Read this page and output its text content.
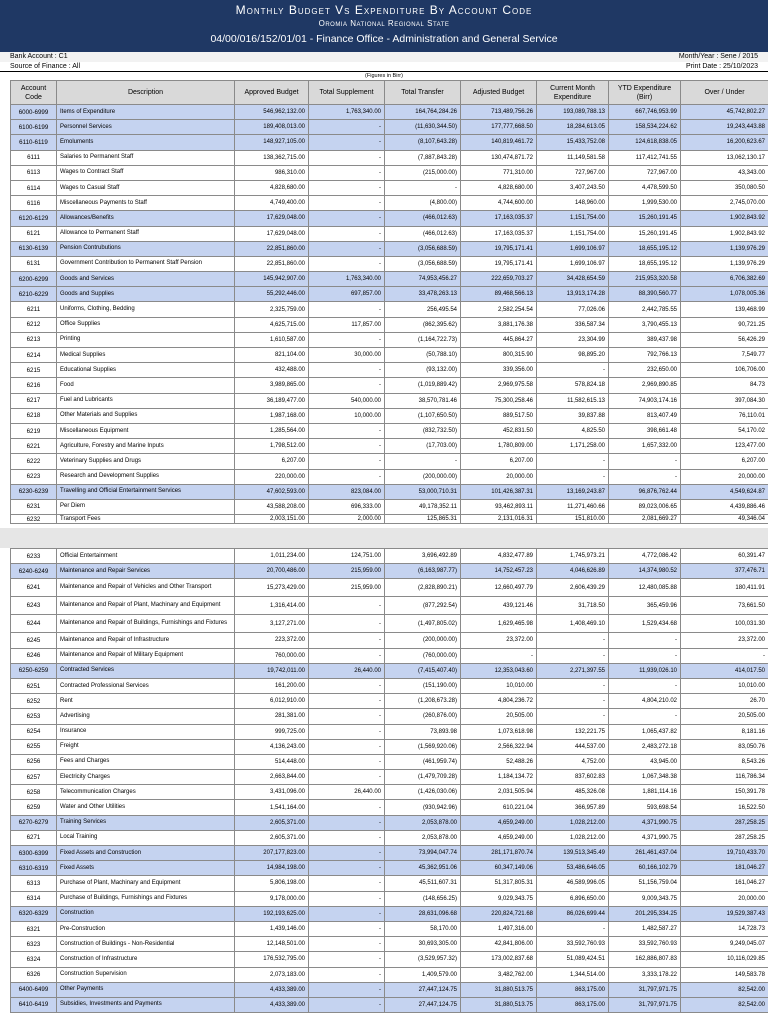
Monthly Budget Vs Expenditure By Account Code
Oromia National Regional State
04/00/016/152/01/01 - Finance Office - Administration and General Service
Bank Account : C1	Month/Year : Sene / 2015
Source of Finance : All	Print Date : 25/10/2023
(Figures in Birr)
Account Code	Description	Approved Budget	Total Supplement	Total Transfer	Adjusted Budget	Current Month Expenditure	YTD Expenditure (Birr)	Over / Under
6000-6999	Items of Expenditure	546,962,132.00	1,763,340.00	164,764,284.26	713,489,756.26	193,089,788.13	667,746,953.99	45,742,802.27
6100-6199	Personnel Services	189,408,013.00	-	(11,630,344.50)	177,777,668.50	18,284,613.05	158,534,224.62	19,243,443.88
6110-6119	Emoluments	148,927,105.00	-	(8,107,643.28)	140,819,461.72	15,433,752.08	124,618,838.05	16,200,623.67
6111	Salaries to Permanent Staff	138,362,715.00	-	(7,887,843.28)	130,474,871.72	11,149,581.58	117,412,741.55	13,062,130.17
6113	Wages to Contract Staff	986,310.00	-	(215,000.00)	771,310.00	727,967.00	727,967.00	43,343.00
6114	Wages to Casual Staff	4,828,680.00	-	-	4,828,680.00	3,407,243.50	4,478,599.50	350,080.50
6116	Miscellaneous Payments to Staff	4,749,400.00	-	(4,800.00)	4,744,600.00	148,960.00	1,999,530.00	2,745,070.00
6120-6129	Allowances/Benefits	17,629,048.00	-	(466,012.63)	17,163,035.37	1,151,754.00	15,260,191.45	1,902,843.92
6121	Allowance to Permanent Staff	17,629,048.00	-	(466,012.63)	17,163,035.37	1,151,754.00	15,260,191.45	1,902,843.92
6130-6139	Pension Contrubutions	22,851,860.00	-	(3,056,688.59)	19,795,171.41	1,699,106.97	18,655,195.12	1,139,976.29
6131	Government Contribution to Permanent Staff Pension	22,851,860.00	-	(3,056,688.59)	19,795,171.41	1,699,106.97	18,655,195.12	1,139,976.29
6200-6299	Goods and Services	145,942,907.00	1,763,340.00	74,953,456.27	222,659,703.27	34,428,654.59	215,953,320.58	6,706,382.69
6210-6229	Goods and Supplies	55,292,446.00	697,857.00	33,478,263.13	89,468,566.13	13,913,174.28	88,390,560.77	1,078,005.36
6211	Uniforms, Clothing, Bedding	2,325,759.00	-	256,495.54	2,582,254.54	77,026.06	2,442,785.55	139,468.99
6212	Office Supplies	4,625,715.00	117,857.00	(862,395.62)	3,881,176.38	336,587.34	3,790,455.13	90,721.25
6213	Printing	1,610,587.00	-	(1,164,722.73)	445,864.27	23,304.99	389,437.98	56,426.29
6214	Medical Supplies	821,104.00	30,000.00	(50,788.10)	800,315.90	98,895.20	792,766.13	7,549.77
6215	Educational Supplies	432,488.00	-	(93,132.00)	339,356.00	-	232,650.00	106,706.00
6216	Food	3,989,865.00	-	(1,019,889.42)	2,969,975.58	578,824.18	2,969,890.85	84.73
6217	Fuel and Lubricants	36,189,477.00	540,000.00	38,570,781.46	75,300,258.46	11,582,615.13	74,903,174.16	397,084.30
6218	Other Materials and Supplies	1,987,168.00	10,000.00	(1,107,650.50)	889,517.50	39,837.88	813,407.49	76,110.01
6219	Miscellaneous Equipment	1,285,564.00	-	(832,732.50)	452,831.50	4,825.50	398,661.48	54,170.02
6221	Agriculture, Forestry and Marine Inputs	1,798,512.00	-	(17,703.00)	1,780,809.00	1,171,258.00	1,657,332.00	123,477.00
6222	Veterinary Supplies and Drugs	6,207.00	-	-	6,207.00	-	-	6,207.00
6223	Research and Development Supplies	220,000.00	-	(200,000.00)	20,000.00	-	-	20,000.00
6230-6239	Travelling and Official Entertainment Services	47,602,593.00	823,084.00	53,000,710.31	101,426,387.31	13,169,243.87	96,876,762.44	4,549,624.87
6231	Per Diem	43,588,208.00	696,333.00	49,178,352.11	93,462,893.11	11,271,460.66	89,023,006.65	4,439,886.46
6232	Transport Fees	2,003,151.00	2,000.00	125,865.31	2,131,016.31	151,810.00	2,081,669.27	49,346.04
6233	Official Entertainment	1,011,234.00	124,751.00	3,696,492.89	4,832,477.89	1,745,973.21	4,772,086.42	60,391.47
6240-6249	Maintenance and Repair Services	20,700,486.00	215,959.00	(6,163,987.77)	14,752,457.23	4,046,626.89	14,374,980.52	377,476.71
6241	Maintenance and Repair of Vehicles and Other Transport	15,273,429.00	215,959.00	(2,828,890.21)	12,660,497.79	2,606,439.29	12,480,085.88	180,411.91
6243	Maintenance and Repair of Plant, Machinary and Equipment	1,316,414.00	-	(877,292.54)	439,121.46	31,718.50	365,459.96	73,661.50
6244	Maintenance and Repair of Buildings, Furnishings and Fixtures	3,127,271.00	-	(1,497,805.02)	1,629,465.98	1,408,469.10	1,529,434.68	100,031.30
6245	Maintenance and Repair of Infrastructure	223,372.00	-	(200,000.00)	23,372.00	-	-	23,372.00
6246	Maintenance and Repair of Military Equipment	760,000.00	-	(760,000.00)	-	-	-	-
6250-6259	Contracted Services	19,742,011.00	26,440.00	(7,415,407.40)	12,353,043.60	2,271,397.55	11,939,026.10	414,017.50
6251	Contracted Professional Services	161,200.00	-	(151,190.00)	10,010.00	-	-	10,010.00
6252	Rent	6,012,910.00	-	(1,208,673.28)	4,804,236.72	-	4,804,210.02	26.70
6253	Advertising	281,381.00	-	(260,876.00)	20,505.00	-	-	20,505.00
6254	Insurance	999,725.00	-	73,893.98	1,073,618.98	132,221.75	1,065,437.82	8,181.16
6255	Freight	4,136,243.00	-	(1,569,920.06)	2,566,322.94	444,537.00	2,483,272.18	83,050.76
6256	Fees and Charges	514,448.00	-	(461,959.74)	52,488.26	4,752.00	43,945.00	8,543.26
6257	Electricity Charges	2,663,844.00	-	(1,479,709.28)	1,184,134.72	837,602.83	1,067,348.38	116,786.34
6258	Telecommunication Charges	3,431,096.00	26,440.00	(1,426,030.06)	2,031,505.94	485,326.08	1,881,114.16	150,391.78
6259	Water and Other Utilities	1,541,164.00	-	(930,942.96)	610,221.04	366,957.89	593,698.54	16,522.50
6270-6279	Training Services	2,605,371.00	-	2,053,878.00	4,659,249.00	1,028,212.00	4,371,990.75	287,258.25
6271	Local Training	2,605,371.00	-	2,053,878.00	4,659,249.00	1,028,212.00	4,371,990.75	287,258.25
6300-6399	Fixed Assets and Construction	207,177,823.00	-	73,994,047.74	281,171,870.74	139,513,345.49	261,461,437.04	19,710,433.70
6310-6319	Fixed Assets	14,984,198.00	-	45,362,951.06	60,347,149.06	53,486,646.05	60,166,102.79	181,046.27
6313	Purchase of Plant, Machinary and Equipment	5,806,198.00	-	45,511,607.31	51,317,805.31	46,589,996.05	51,156,759.04	161,046.27
6314	Purchase of Buildings, Furnishings and Fixtures	9,178,000.00	-	(148,656.25)	9,029,343.75	6,896,650.00	9,009,343.75	20,000.00
6320-6329	Construction	192,193,625.00	-	28,631,096.68	220,824,721.68	86,026,699.44	201,295,334.25	19,529,387.43
6321	Pre-Construction	1,439,146.00	-	58,170.00	1,497,316.00	-	1,482,587.27	14,728.73
6323	Construction of Buildings - Non-Residential	12,148,501.00	-	30,693,305.00	42,841,806.00	33,592,760.93	33,592,760.93	9,249,045.07
6324	Construction of Infrastructure	176,532,795.00	-	(3,529,957.32)	173,002,837.68	51,089,424.51	162,886,807.83	10,116,029.85
6326	Construction Supervision	2,073,183.00	-	1,409,579.00	3,482,762.00	1,344,514.00	3,333,178.22	149,583.78
6400-6499	Other Payments	4,433,389.00	-	27,447,124.75	31,880,513.75	863,175.00	31,797,971.75	82,542.00
6410-6419	Subsidies, Investments and Payments	4,433,389.00	-	27,447,124.75	31,880,513.75	863,175.00	31,797,971.75	82,542.00
